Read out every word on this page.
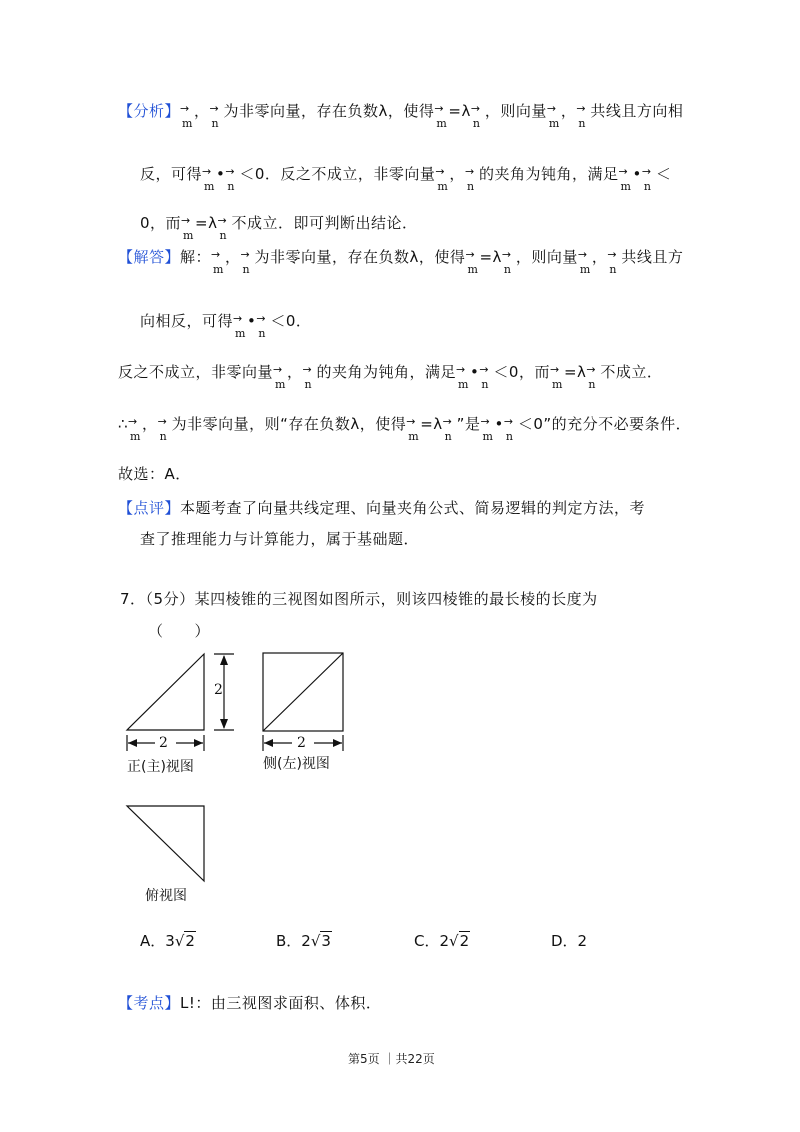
【分析】 →
m
， →
n
为非零向量，存在负数λ，使得 →
m
=λ →
n
，则向量 →
m
， →
n
共线且方向相
反，可得 →
m
• →
n
＜0．反之不成立，非零向量 →
m
， →
n
的夹角为钝角，满足 →
m
• →
n
＜
0，而 →
m
=λ →
n
不成立．即可判断出结论．
【解答】解： →
m
， →
n
为非零向量，存在负数λ，使得 →
m
=λ →
n
，则向量 →
m
， →
n
共线且方
向相反，可得 →
m
• →
n
＜0．
反之不成立，非零向量 →
m
， →
n
的夹角为钝角，满足 →
m
• →
n
＜0，而 →
m
=λ →
n
不成立．
∴ →
m
， →
n
为非零向量，则“存在负数λ，使得 →
m
=λ →
n
”是 →
m
• →
n
＜0”的充分不必要条件．
故选：A．
【点评】本题考查了向量共线定理、向量夹角公式、简易逻辑的判定方法，考
查了推理能力与计算能力，属于基础题．
7．（5分）某四棱锥的三视图如图所示，则该四棱锥的最长棱的长度为
（　　）
2
2	2
正(主)视图	侧(左)视图
俯视图
A．3√2	B．2√3	C．2√2	D．2
【考点】L!：由三视图求面积、体积．
第5页 ｜共22页
